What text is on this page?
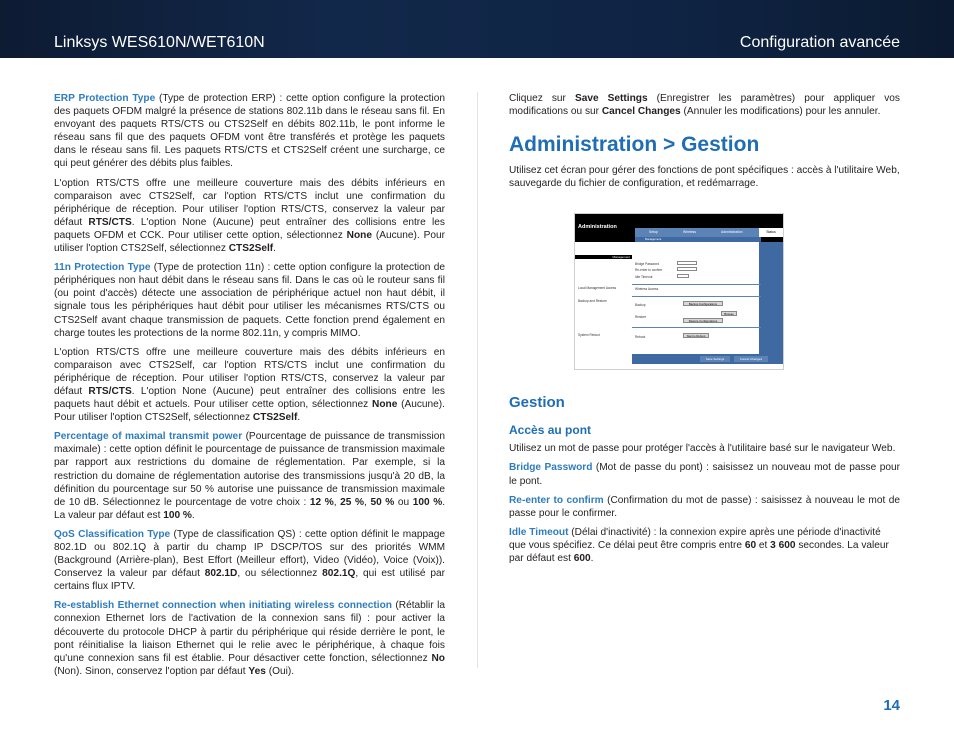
Linksys WES610N/WET610N	Configuration avancée

ERP Protection Type (Type de protection ERP) : cette option configure la protection des paquets OFDM malgré la présence de stations 802.11b dans le réseau sans fil. En envoyant des paquets RTS/CTS ou CTS2Self en débits 802.11b, le pont informe le réseau sans fil que des paquets OFDM vont être transférés et protège les paquets dans le réseau sans fil. Les paquets RTS/CTS et CTS2Self créent une surcharge, ce qui peut générer des débits plus faibles.

L'option RTS/CTS offre une meilleure couverture mais des débits inférieurs en comparaison avec CTS2Self, car l'option RTS/CTS inclut une confirmation du périphérique de réception. Pour utiliser l'option RTS/CTS, conservez la valeur par défaut RTS/CTS. L'option None (Aucune) peut entraîner des collisions entre les paquets OFDM et CCK. Pour utiliser cette option, sélectionnez None (Aucune). Pour utiliser l'option CTS2Self, sélectionnez CTS2Self.

11n Protection Type (Type de protection 11n) : cette option configure la protection de périphériques non haut débit dans le réseau sans fil. Dans le cas où le routeur sans fil (ou point d'accès) détecte une association de périphérique actuel non haut débit, il signale tous les périphériques haut débit pour utiliser les mécanismes RTS/CTS ou CTS2Self avant chaque transmission de paquets. Cette fonction prend également en charge toutes les protections de la norme 802.11n, y compris MIMO.

L'option RTS/CTS offre une meilleure couverture mais des débits inférieurs en comparaison avec CTS2Self, car l'option RTS/CTS inclut une confirmation du périphérique de réception. Pour utiliser l'option RTS/CTS, conservez la valeur par défaut RTS/CTS. L'option None (Aucune) peut entraîner des collisions entre les paquets haut débit et actuels. Pour utiliser cette option, sélectionnez None (Aucune). Pour utiliser l'option CTS2Self, sélectionnez CTS2Self.

Percentage of maximal transmit power (Pourcentage de puissance de transmission maximale) : cette option définit le pourcentage de puissance de transmission maximale par rapport aux restrictions du domaine de réglementation. Par exemple, si la restriction du domaine de réglementation autorise des transmissions jusqu'à 20 dB, la définition du pourcentage sur 50 % autorise une puissance de transmission maximale de 10 dB. Sélectionnez le pourcentage de votre choix : 12 %, 25 %, 50 % ou 100 %. La valeur par défaut est 100 %.

QoS Classification Type (Type de classification QS) : cette option définit le mappage 802.1D ou 802.1Q à partir du champ IP DSCP/TOS sur des priorités WMM (Background (Arrière-plan), Best Effort (Meilleur effort), Video (Vidéo), Voice (Voix)). Conservez la valeur par défaut 802.1D, ou sélectionnez 802.1Q, qui est utilisé par certains flux IPTV.

Re-establish Ethernet connection when initiating wireless connection (Rétablir la connexion Ethernet lors de l'activation de la connexion sans fil) : pour activer la découverte du protocole DHCP à partir du périphérique qui réside derrière le pont, le pont réinitialise la liaison Ethernet qui le relie avec le périphérique, à chaque fois qu'une connexion sans fil est établie. Pour désactiver cette fonction, sélectionnez No (Non). Sinon, conservez l'option par défaut Yes (Oui).

Cliquez sur Save Settings (Enregistrer les paramètres) pour appliquer vos modifications ou sur Cancel Changes (Annuler les modifications) pour les annuler.

Administration > Gestion

Utilisez cet écran pour gérer des fonctions de pont spécifiques : accès à l'utilitaire Web, sauvegarde du fichier de configuration, et redémarrage.

Administration
Setup	Wireless	Administration	Status
Management
Management
Bridge Password
Re-enter to confirm
Idle Timeout
Local Management Access	Wireless Access
Backup and Restore
Backup	Backup Configurations
Restore
Browse
Restore Configurations
System Reboot	Reboot	Start to Reboot
Save Settings	Cancel Changes
Gestion
Accès au pont

Utilisez un mot de passe pour protéger l'accès à l'utilitaire basé sur le navigateur Web.

Bridge Password (Mot de passe du pont) : saisissez un nouveau mot de passe pour le pont.

Re-enter to confirm (Confirmation du mot de passe) : saisissez à nouveau le mot de passe pour le confirmer.

Idle Timeout (Délai d'inactivité) : la connexion expire après une période d'inactivité que vous spécifiez. Ce délai peut être compris entre 60 et 3 600 secondes. La valeur par défaut est 600.

14
